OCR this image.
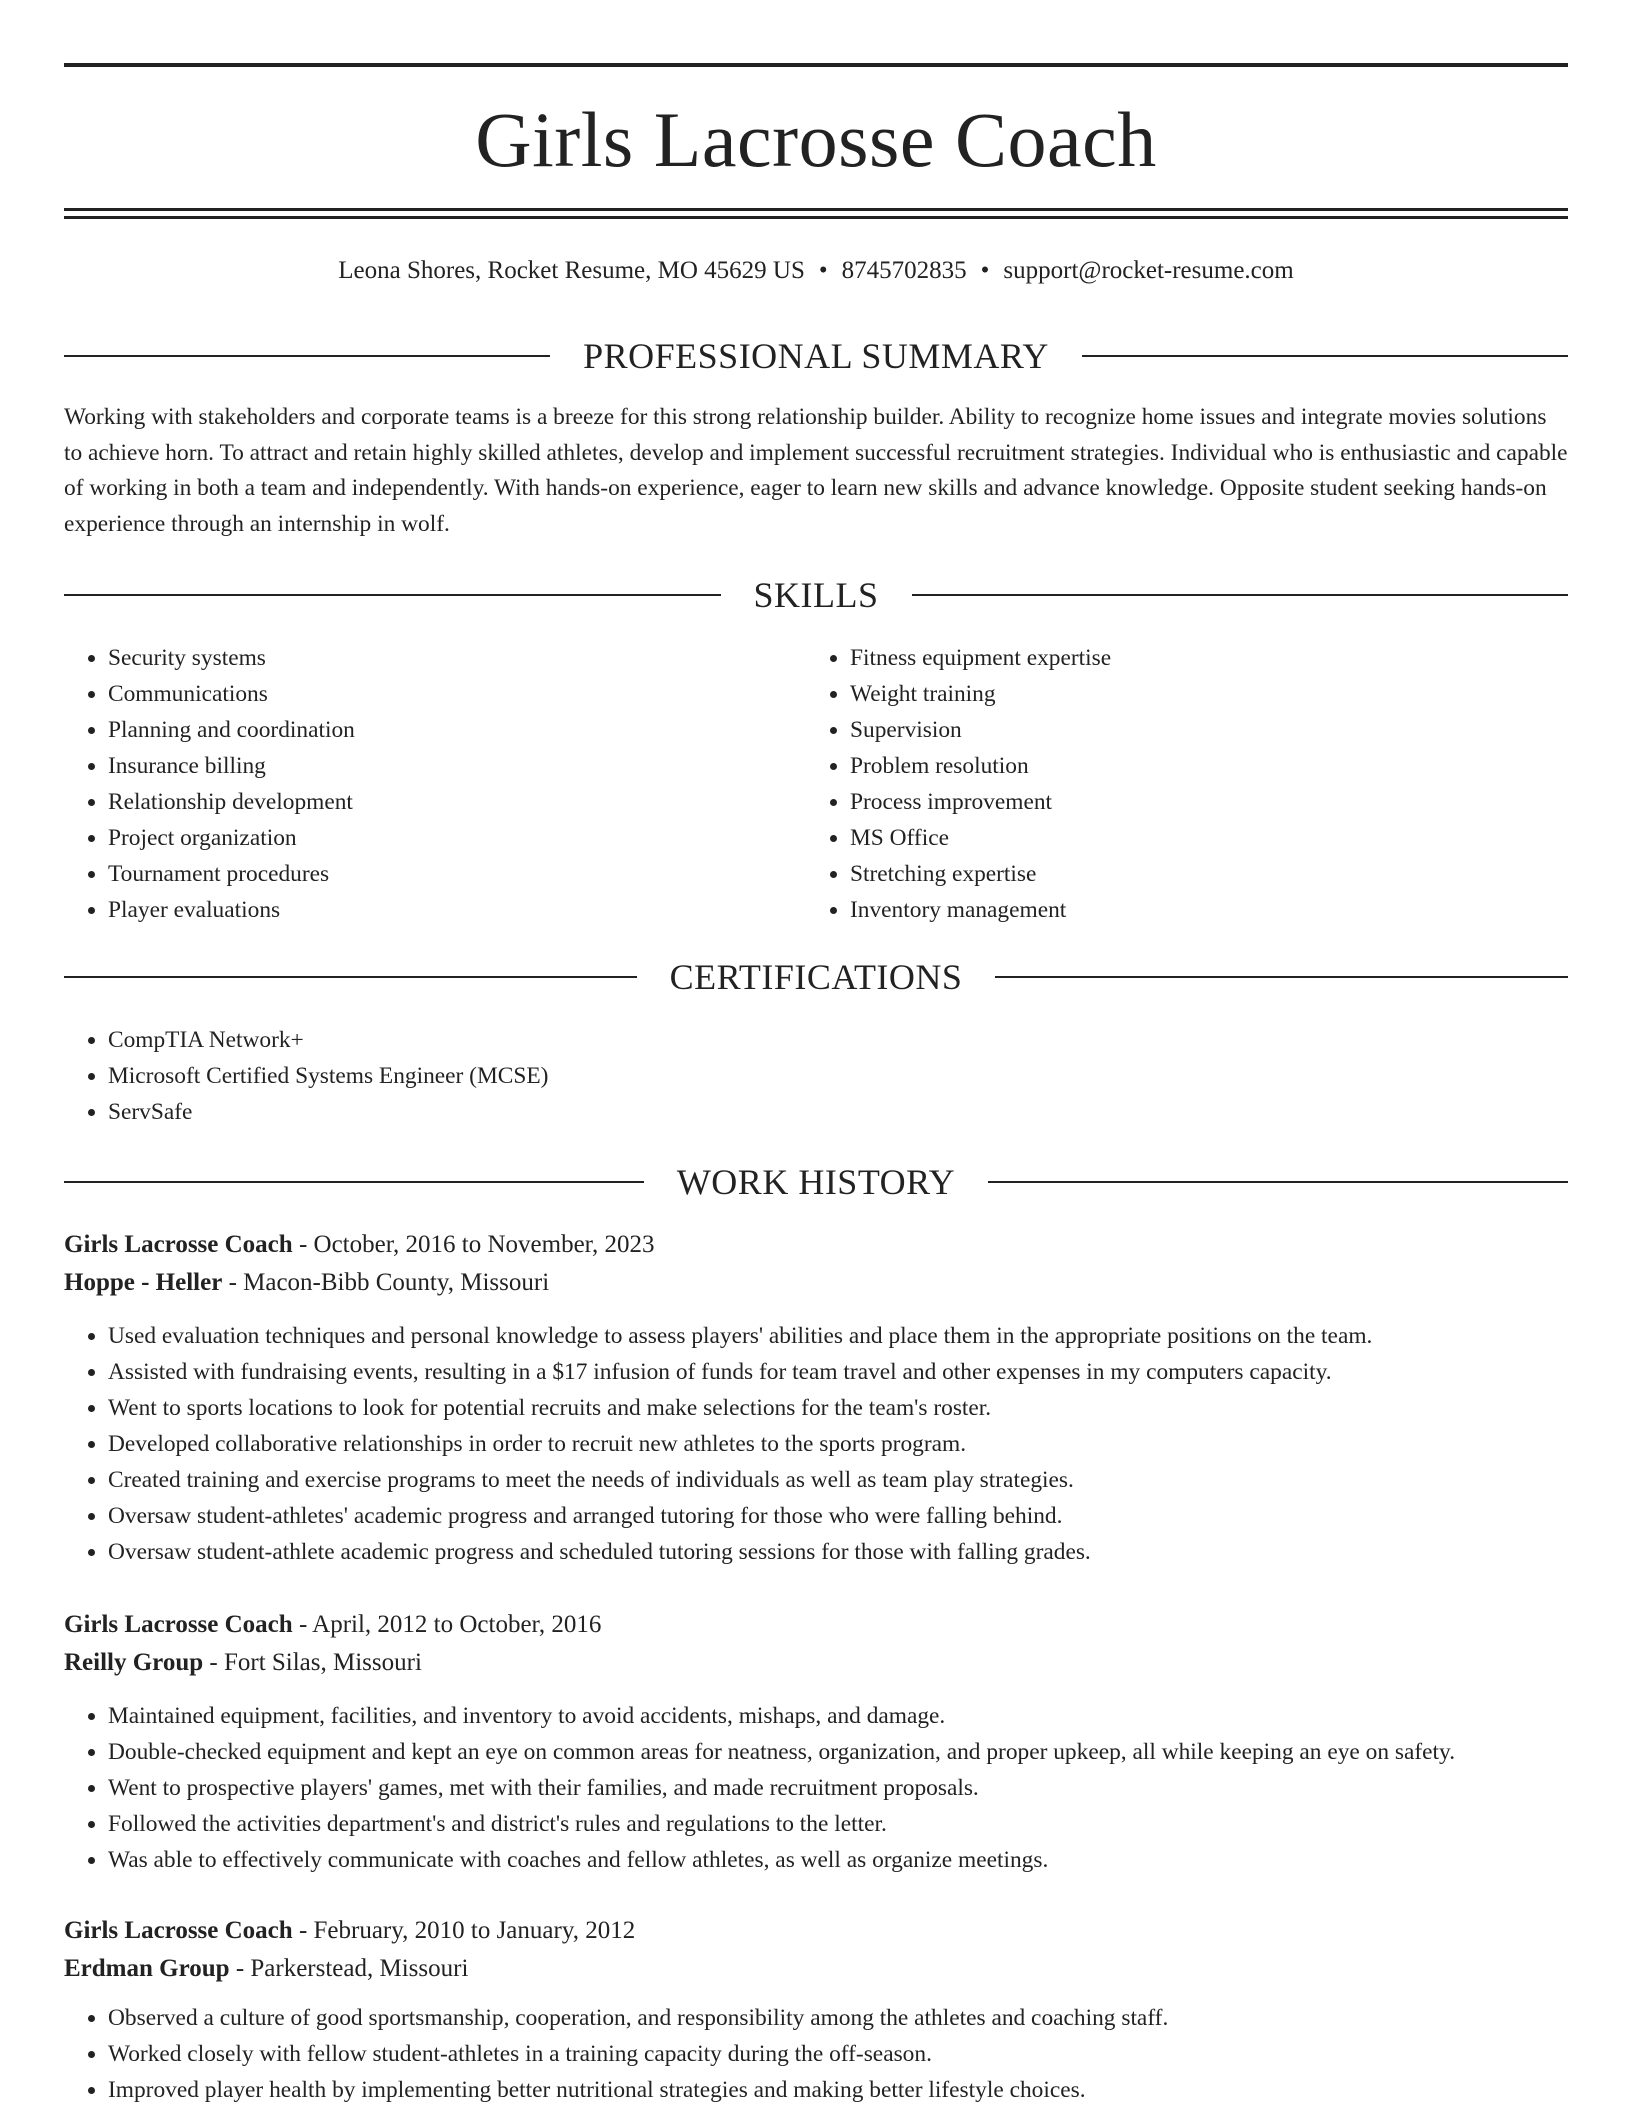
Girls Lacrosse Coach
Leona Shores, Rocket Resume, MO 45629 US • 8745702835 • support@rocket-resume.com
PROFESSIONAL SUMMARY

Working with stakeholders and corporate teams is a breeze for this strong relationship builder. Ability to recognize home issues and integrate movies solutions to achieve horn. To attract and retain highly skilled athletes, develop and implement successful recruitment strategies. Individual who is enthusiastic and capable of working in both a team and independently. With hands-on experience, eager to learn new skills and advance knowledge. Opposite student seeking hands-on experience through an internship in wolf.

SKILLS
• Security systems
• Communications
• Planning and coordination
• Insurance billing
• Relationship development
• Project organization
• Tournament procedures
• Player evaluations
• Fitness equipment expertise
• Weight training
• Supervision
• Problem resolution
• Process improvement
• MS Office
• Stretching expertise
• Inventory management
CERTIFICATIONS
• CompTIA Network+
• Microsoft Certified Systems Engineer (MCSE)
• ServSafe
WORK HISTORY
Girls Lacrosse Coach - October, 2016 to November, 2023
Hoppe - Heller - Macon-Bibb County, Missouri
• Used evaluation techniques and personal knowledge to assess players' abilities and place them in the appropriate positions on the team.
• Assisted with fundraising events, resulting in a $17 infusion of funds for team travel and other expenses in my computers capacity.
• Went to sports locations to look for potential recruits and make selections for the team's roster.
• Developed collaborative relationships in order to recruit new athletes to the sports program.
• Created training and exercise programs to meet the needs of individuals as well as team play strategies.
• Oversaw student-athletes' academic progress and arranged tutoring for those who were falling behind.
• Oversaw student-athlete academic progress and scheduled tutoring sessions for those with falling grades.
Girls Lacrosse Coach - April, 2012 to October, 2016
Reilly Group - Fort Silas, Missouri
• Maintained equipment, facilities, and inventory to avoid accidents, mishaps, and damage.
• Double-checked equipment and kept an eye on common areas for neatness, organization, and proper upkeep, all while keeping an eye on safety.
• Went to prospective players' games, met with their families, and made recruitment proposals.
• Followed the activities department's and district's rules and regulations to the letter.
• Was able to effectively communicate with coaches and fellow athletes, as well as organize meetings.
Girls Lacrosse Coach - February, 2010 to January, 2012
Erdman Group - Parkerstead, Missouri
• Observed a culture of good sportsmanship, cooperation, and responsibility among the athletes and coaching staff.
• Worked closely with fellow student-athletes in a training capacity during the off-season.
• Improved player health by implementing better nutritional strategies and making better lifestyle choices.
